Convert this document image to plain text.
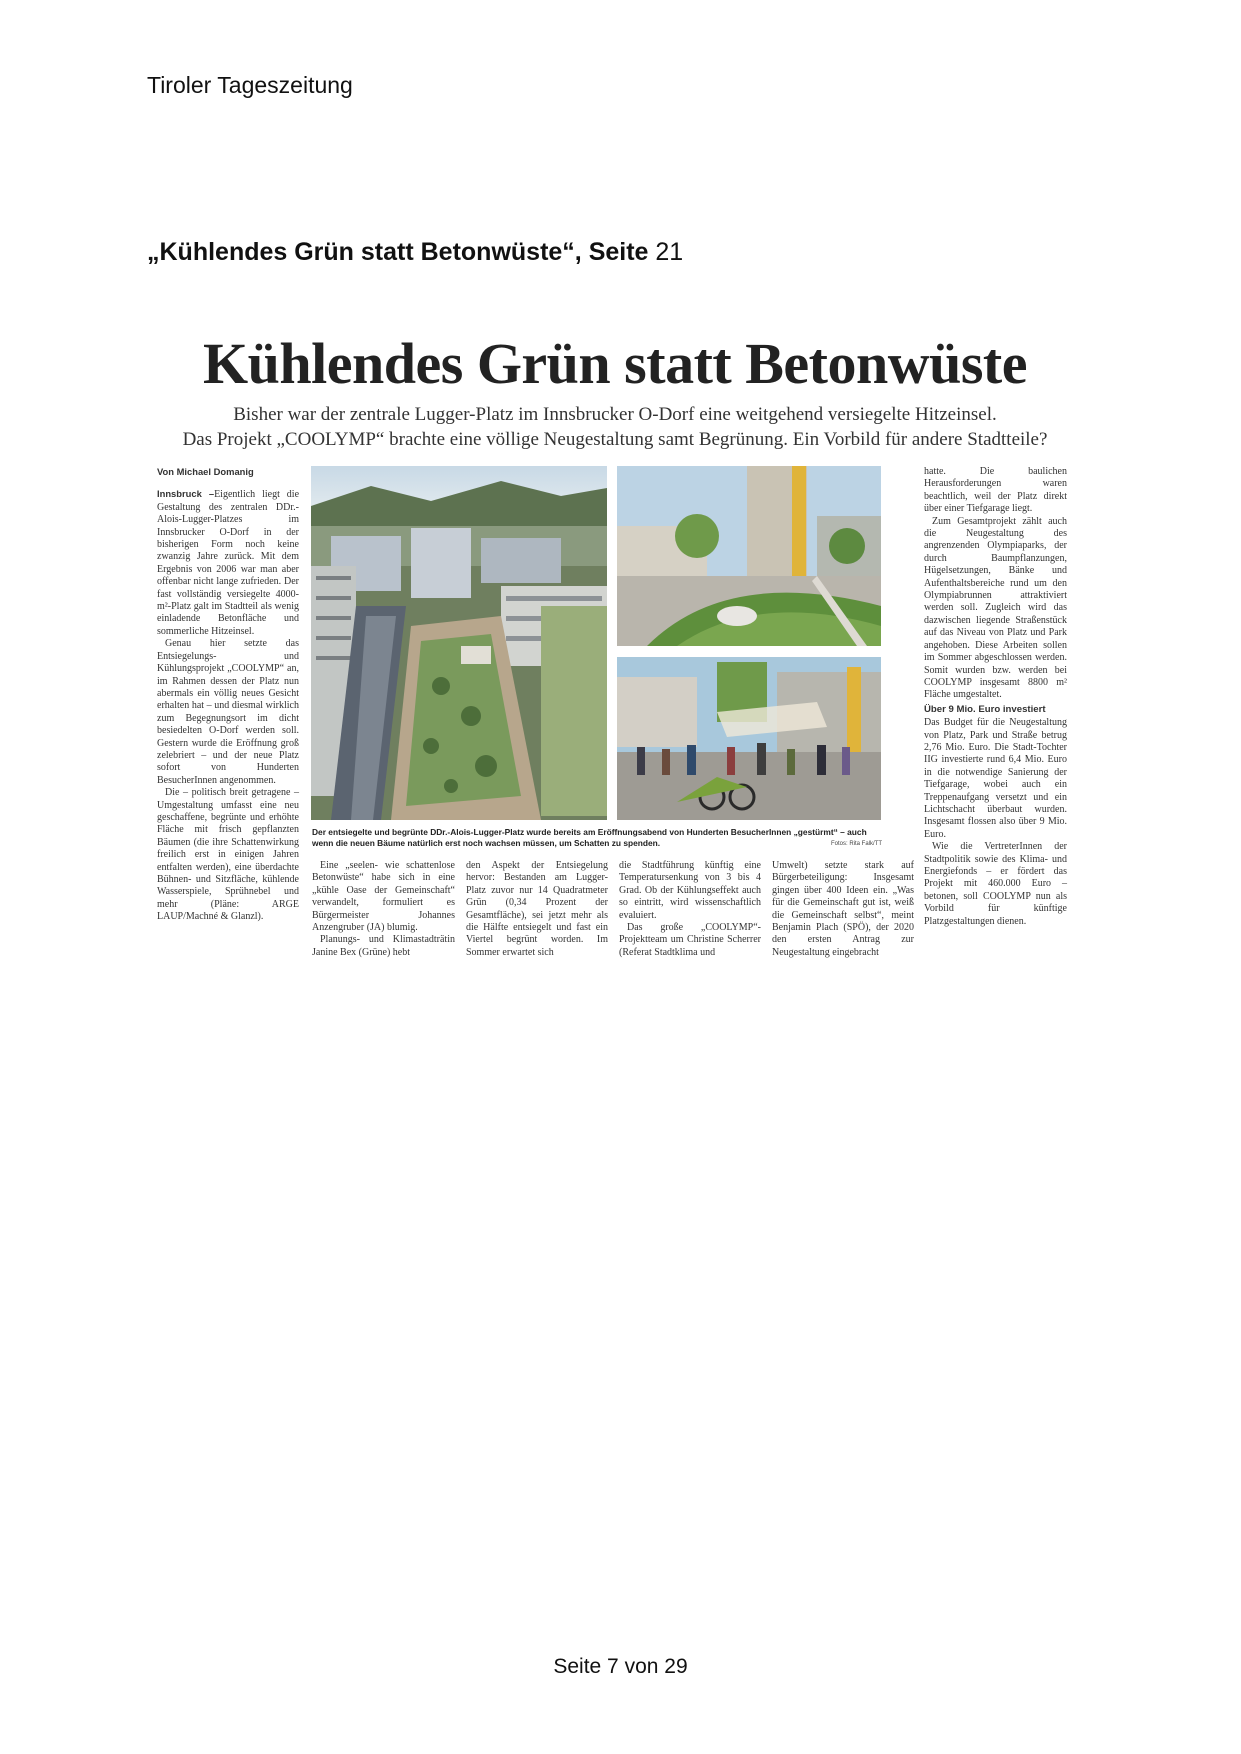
Tiroler Tageszeitung
„Kühlendes Grün statt Betonwüste“, Seite 21
Kühlendes Grün statt Betonwüste
Bisher war der zentrale Lugger-Platz im Innsbrucker O-Dorf eine weitgehend versiegelte Hitzeinsel.
Das Projekt „COOLYMP“ brachte eine völlige Neugestaltung samt Begrünung. Ein Vorbild für andere Stadtteile?

Von Michael Domanig

Innsbruck –Eigentlich liegt die Gestaltung des zentralen DDr.-Alois-Lugger-Platzes im Innsbrucker O-Dorf in der bisherigen Form noch keine zwanzig Jahre zurück. Mit dem Ergebnis von 2006 war man aber offenbar nicht lange zufrieden. Der fast vollständig versiegelte 4000-m²-Platz galt im Stadtteil als wenig einladende Betonfläche und sommerliche Hitzeinsel.

Genau hier setzte das Entsiegelungs- und Kühlungsprojekt „COOLYMP“ an, im Rahmen dessen der Platz nun abermals ein völlig neues Gesicht erhalten hat – und diesmal wirklich zum Begegnungsort im dicht besiedelten O-Dorf werden soll. Gestern wurde die Eröffnung groß zelebriert – und der neue Platz sofort von Hunderten BesucherInnen angenommen.

Die – politisch breit getragene – Umgestaltung umfasst eine neu geschaffene, begrünte und erhöhte Fläche mit frisch gepflanzten Bäumen (die ihre Schattenwirkung freilich erst in einigen Jahren entfalten werden), eine überdachte Bühnen- und Sitzfläche, kühlende Wasserspiele, Sprühnebel und mehr (Pläne: ARGE LAUP/Machné & Glanzl).

Der entsiegelte und begrünte DDr.-Alois-Lugger-Platz wurde bereits am Eröffnungsabend von Hunderten BesucherInnen „gestürmt“ – auch wenn die neuen Bäume natürlich erst noch wachsen müssen, um Schatten zu spenden.	Fotos: Rita Falk/TT

Eine „seelen- wie schattenlose Betonwüste“ habe sich in eine „kühle Oase der Gemeinschaft“ verwandelt, formuliert es Bürgermeister Johannes Anzengruber (JA) blumig.

Planungs- und Klimastadträtin Janine Bex (Grüne) hebt

den Aspekt der Entsiegelung hervor: Bestanden am Lugger-Platz zuvor nur 14 Quadratmeter Grün (0,34 Prozent der Gesamtfläche), sei jetzt mehr als die Hälfte entsiegelt und fast ein Viertel begrünt worden. Im Sommer erwartet sich

die Stadtführung künftig eine Temperatursenkung von 3 bis 4 Grad. Ob der Kühlungseffekt auch so eintritt, wird wissenschaftlich evaluiert.

Das große „COOLYMP“-Projektteam um Christine Scherrer (Referat Stadtklima und

Umwelt) setzte stark auf Bürgerbeteiligung: Insgesamt gingen über 400 Ideen ein. „Was für die Gemeinschaft gut ist, weiß die Gemeinschaft selbst“, meint Benjamin Plach (SPÖ), der 2020 den ersten Antrag zur Neugestaltung eingebracht

hatte. Die baulichen Herausforderungen waren beachtlich, weil der Platz direkt über einer Tiefgarage liegt.

Zum Gesamtprojekt zählt auch die Neugestaltung des angrenzenden Olympiaparks, der durch Baumpflanzungen, Hügelsetzungen, Bänke und Aufenthaltsbereiche rund um den Olympiabrunnen attraktiviert werden soll. Zugleich wird das dazwischen liegende Straßenstück auf das Niveau von Platz und Park angehoben. Diese Arbeiten sollen im Sommer abgeschlossen werden. Somit wurden bzw. werden bei COOLYMP insgesamt 8800 m² Fläche umgestaltet.

Über 9 Mio. Euro investiert

Das Budget für die Neugestaltung von Platz, Park und Straße betrug 2,76 Mio. Euro. Die Stadt-Tochter IIG investierte rund 6,4 Mio. Euro in die notwendige Sanierung der Tiefgarage, wobei auch ein Treppenaufgang versetzt und ein Lichtschacht überbaut wurden. Insgesamt flossen also über 9 Mio. Euro.

Wie die VertreterInnen der Stadtpolitik sowie des Klima- und Energiefonds – er fördert das Projekt mit 460.000 Euro – betonen, soll COOLYMP nun als Vorbild für künftige Platzgestaltungen dienen.

Seite 7 von 29
